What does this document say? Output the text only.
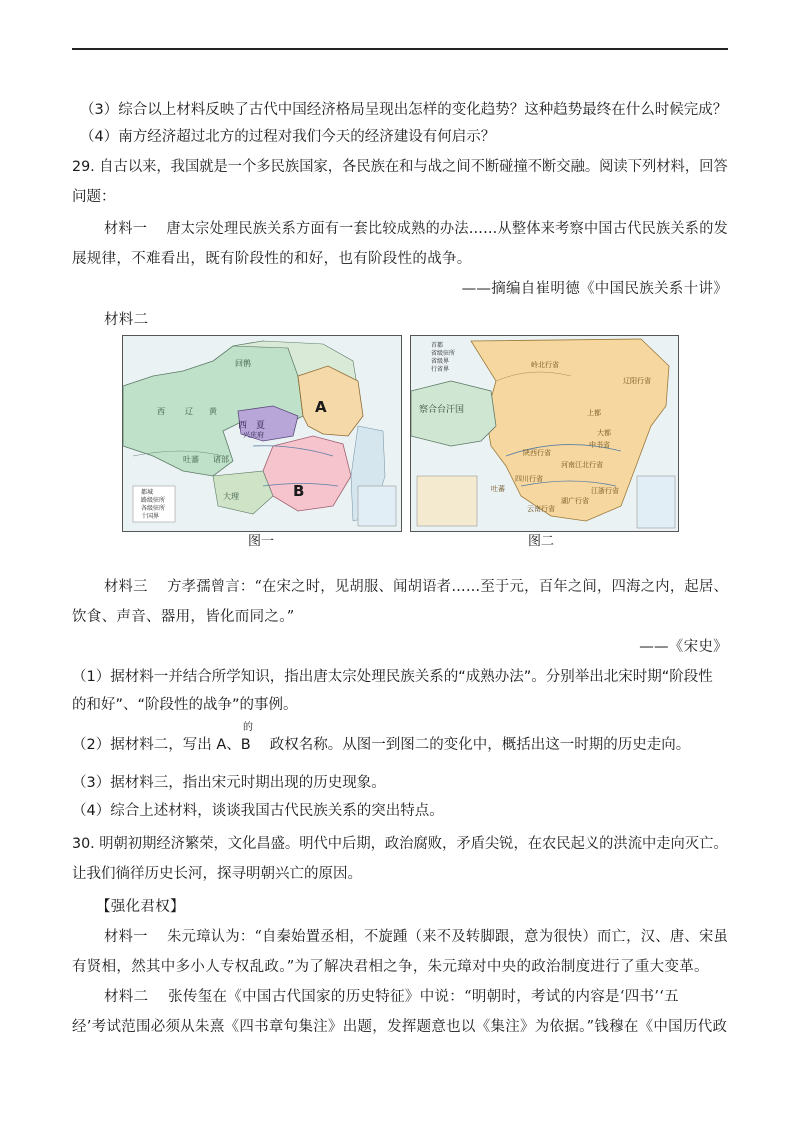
（3）综合以上材料反映了古代中国经济格局呈现出怎样的变化趋势？这种趋势最终在什么时候完成？
（4）南方经济超过北方的过程对我们今天的经济建设有何启示？
29. 自古以来，我国就是一个多民族国家，各民族在和与战之间不断碰撞不断交融。阅读下列材料，回答
问题：
材料一　 唐太宗处理民族关系方面有一套比较成熟的办法……从整体来考察中国古代民族关系的发
展规律，不难看出，既有阶段性的和好，也有阶段性的战争。
——摘编自崔明德《中国民族关系十讲》
材料二
A
B
西　夏
兴庆府
西	辽 黄
回鹘
吐蕃 诸部
大理
都城
路级驻所
各级驻所
十国界
察合台汗国
岭北行省
辽阳行省
上都
大都
中书省
河南江北行省
陕西行省
四川行省
江浙行省
湖广行省
云南行省
吐蕃
首都
省级驻所
省级界
行省界
图一	图二
材料三　 方孝孺曾言：“在宋之时，见胡服、闻胡语者……至于元，百年之间，四海之内，起居、
饮食、声音、器用，皆化而同之。”
——《宋史》
（1）据材料一并结合所学知识，指出唐太宗处理民族关系的“成熟办法”。分别举出北宋时期“阶段性
的和好”、“阶段性的战争”的事例。
的
（2）据材料二，写出 A、B　 政权名称。从图一到图二的变化中，概括出这一时期的历史走向。
（3）据材料三，指出宋元时期出现的历史现象。
（4）综合上述材料，谈谈我国古代民族关系的突出特点。
30. 明朝初期经济繁荣，文化昌盛。明代中后期，政治腐败，矛盾尖锐，在农民起义的洪流中走向灭亡。
让我们徜徉历史长河，探寻明朝兴亡的原因。
【强化君权】
材料一　 朱元璋认为：“自秦始置丞相，不旋踵（来不及转脚跟，意为很快）而亡，汉、唐、宋虽
有贤相，然其中多小人专权乱政。”为了解决君相之争，朱元璋对中央的政治制度进行了重大变革。
材料二　 张传玺在《中国古代国家的历史特征》中说：“明朝时，考试的内容是‘四书’‘五
经’考试范围必须从朱熹《四书章句集注》出题，发挥题意也以《集注》为依据。”钱穆在《中国历代政
